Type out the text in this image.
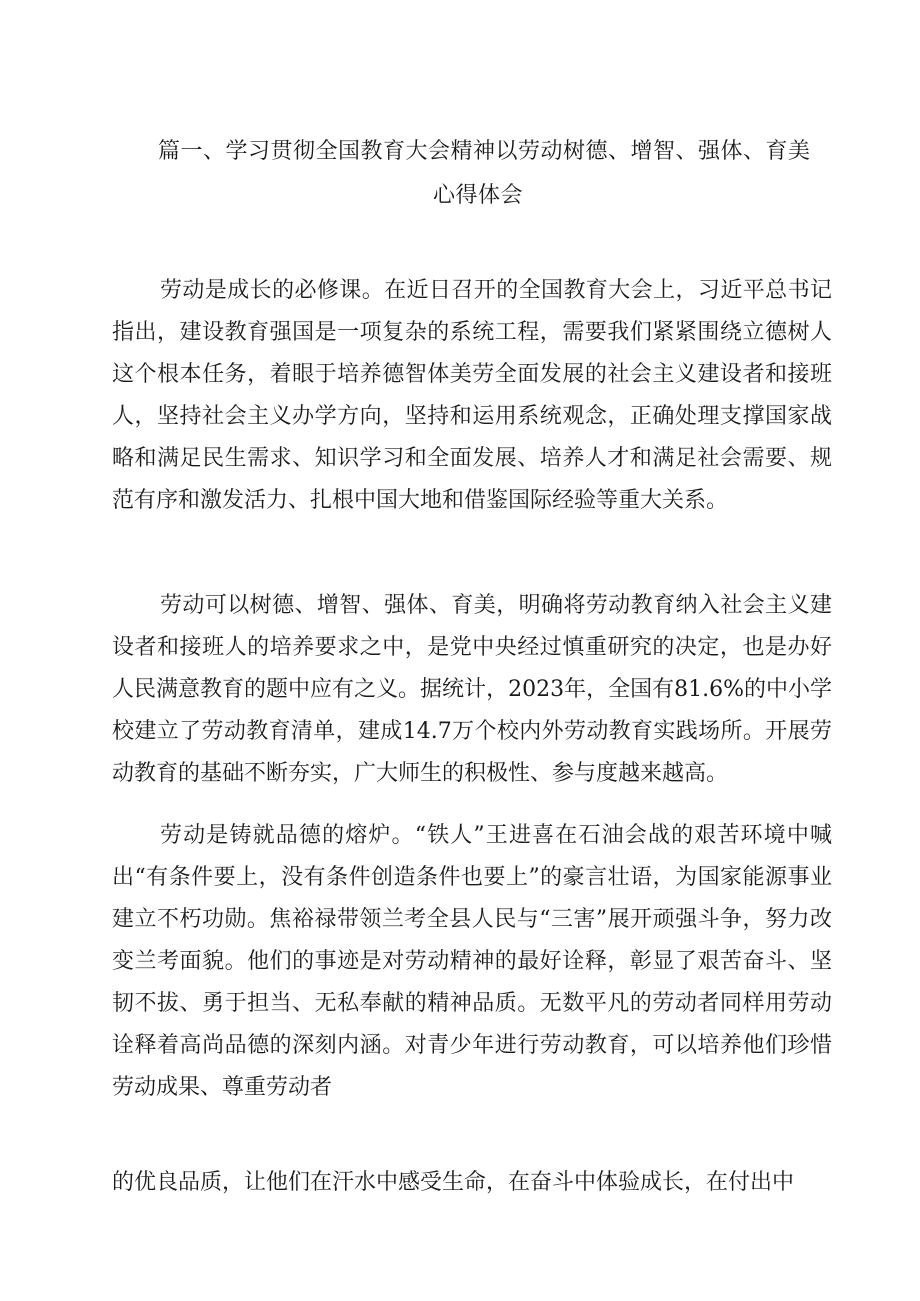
篇一、学习贯彻全国教育大会精神以劳动树德、增智、强体、育美
心得体会

劳动是成长的必修课。在近日召开的全国教育大会上，习近平总书记指出，建设教育强国是一项复杂的系统工程，需要我们紧紧围绕立德树人这个根本任务，着眼于培养德智体美劳全面发展的社会主义建设者和接班人，坚持社会主义办学方向，坚持和运用系统观念，正确处理支撑国家战略和满足民生需求、知识学习和全面发展、培养人才和满足社会需要、规范有序和激发活力、扎根中国大地和借鉴国际经验等重大关系。

劳动可以树德、增智、强体、育美，明确将劳动教育纳入社会主义建设者和接班人的培养要求之中，是党中央经过慎重研究的决定，也是办好人民满意教育的题中应有之义。据统计，2023年，全国有81.6%的中小学校建立了劳动教育清单，建成14.7万个校内外劳动教育实践场所。开展劳动教育的基础不断夯实，广大师生的积极性、参与度越来越高。

劳动是铸就品德的熔炉。“铁人”王进喜在石油会战的艰苦环境中喊出“有条件要上，没有条件创造条件也要上”的豪言壮语，为国家能源事业建立不朽功勋。焦裕禄带领兰考全县人民与“三害”展开顽强斗争，努力改变兰考面貌。他们的事迹是对劳动精神的最好诠释，彰显了艰苦奋斗、坚韧不拔、勇于担当、无私奉献的精神品质。无数平凡的劳动者同样用劳动诠释着高尚品德的深刻内涵。对青少年进行劳动教育，可以培养他们珍惜劳动成果、尊重劳动者

的优良品质，让他们在汗水中感受生命，在奋斗中体验成长，在付出中
